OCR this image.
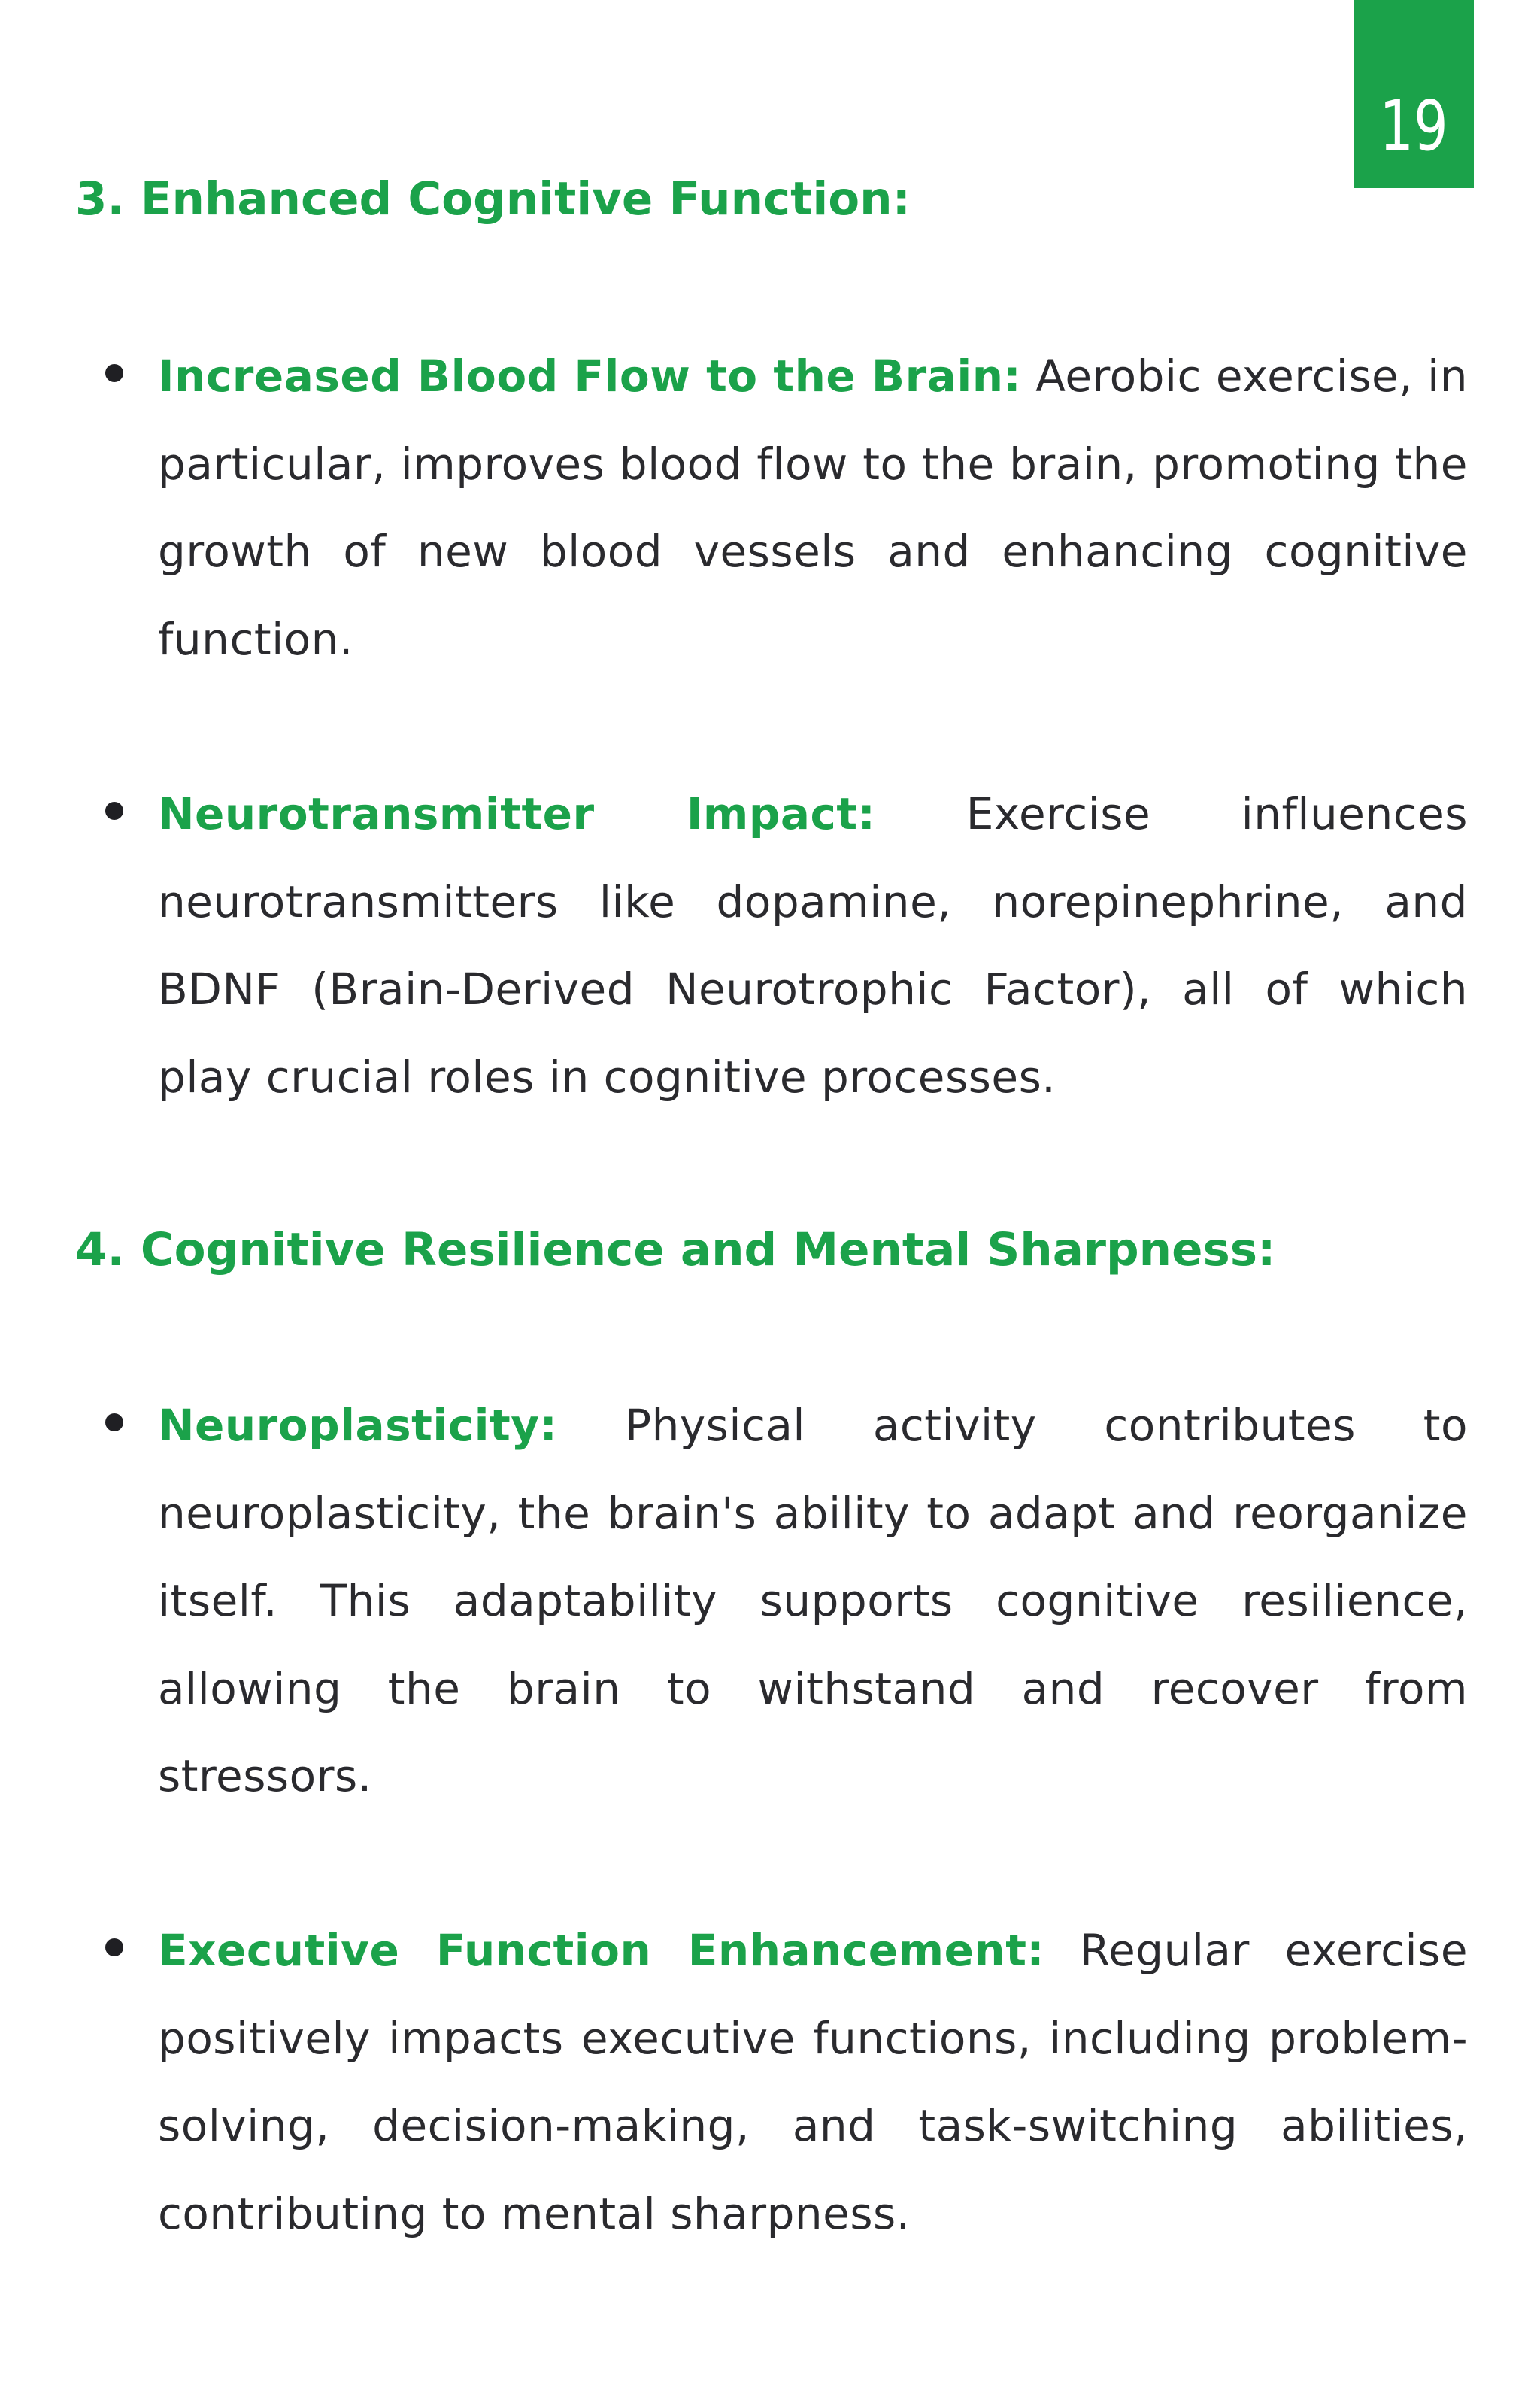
19
3. Enhanced Cognitive Function:

Increased Blood Flow to the Brain: Aerobic exercise, in particular, improves blood flow to the brain, promoting the growth of new blood vessels and enhancing cognitive function.

Neurotransmitter Impact: Exercise influences neurotransmitters like dopamine, norepinephrine, and BDNF (Brain-Derived Neurotrophic Factor), all of which play crucial roles in cognitive processes.

4. Cognitive Resilience and Mental Sharpness:

Neuroplasticity: Physical activity contributes to neuroplasticity, the brain's ability to adapt and reorganize itself. This adaptability supports cognitive resilience, allowing the brain to withstand and recover from stressors.

Executive Function Enhancement: Regular exercise positively impacts executive functions, including problem-solving, decision-making, and task-switching abilities, contributing to mental sharpness.
